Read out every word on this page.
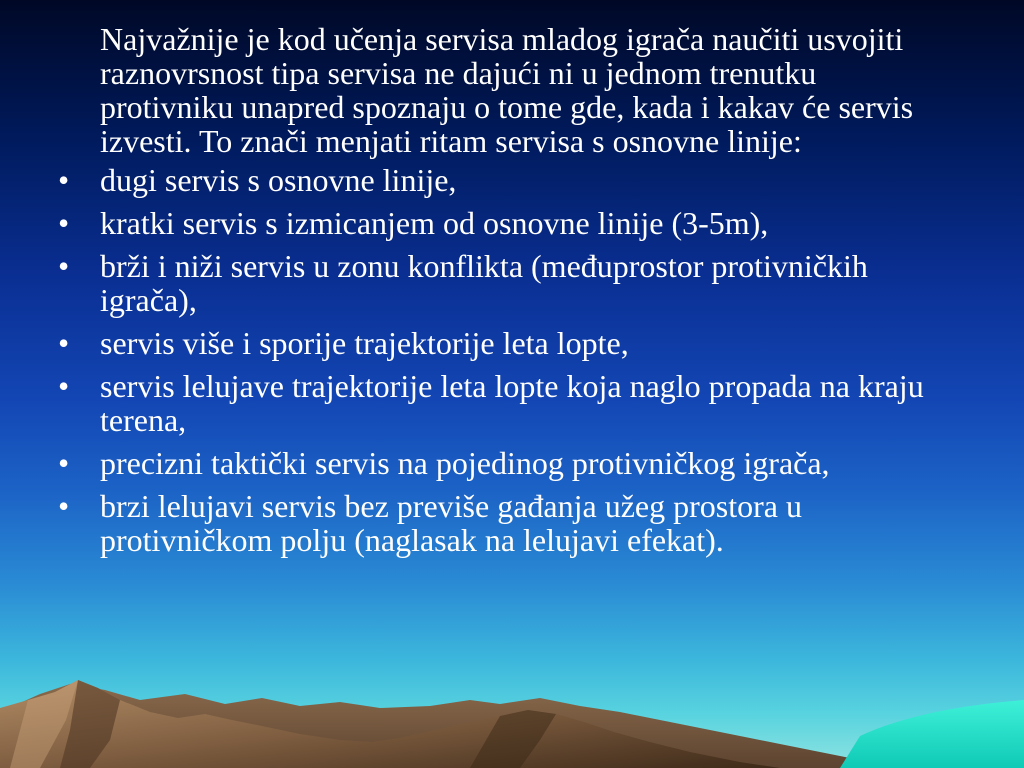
Najvažnije je kod učenja servisa mladog igrača naučiti usvojiti raznovrsnost tipa servisa ne dajući ni u jednom trenutku protivniku unapred spoznaju o tome gde, kada i kakav će servis izvesti. To znači menjati ritam servisa s osnovne linije:

• dugi servis s osnovne linije,
• kratki servis s izmicanjem od osnovne linije (3-5m),
• brži i niži servis u zonu konflikta (međuprostor protivničkih igrača),
• servis više i sporije trajektorije leta lopte,
• servis lelujave trajektorije leta lopte koja naglo propada na kraju terena,
• precizni taktički servis na pojedinog protivničkog igrača,
• brzi lelujavi servis bez previše gađanja užeg prostora u protivničkom polju (naglasak na lelujavi efekat).
